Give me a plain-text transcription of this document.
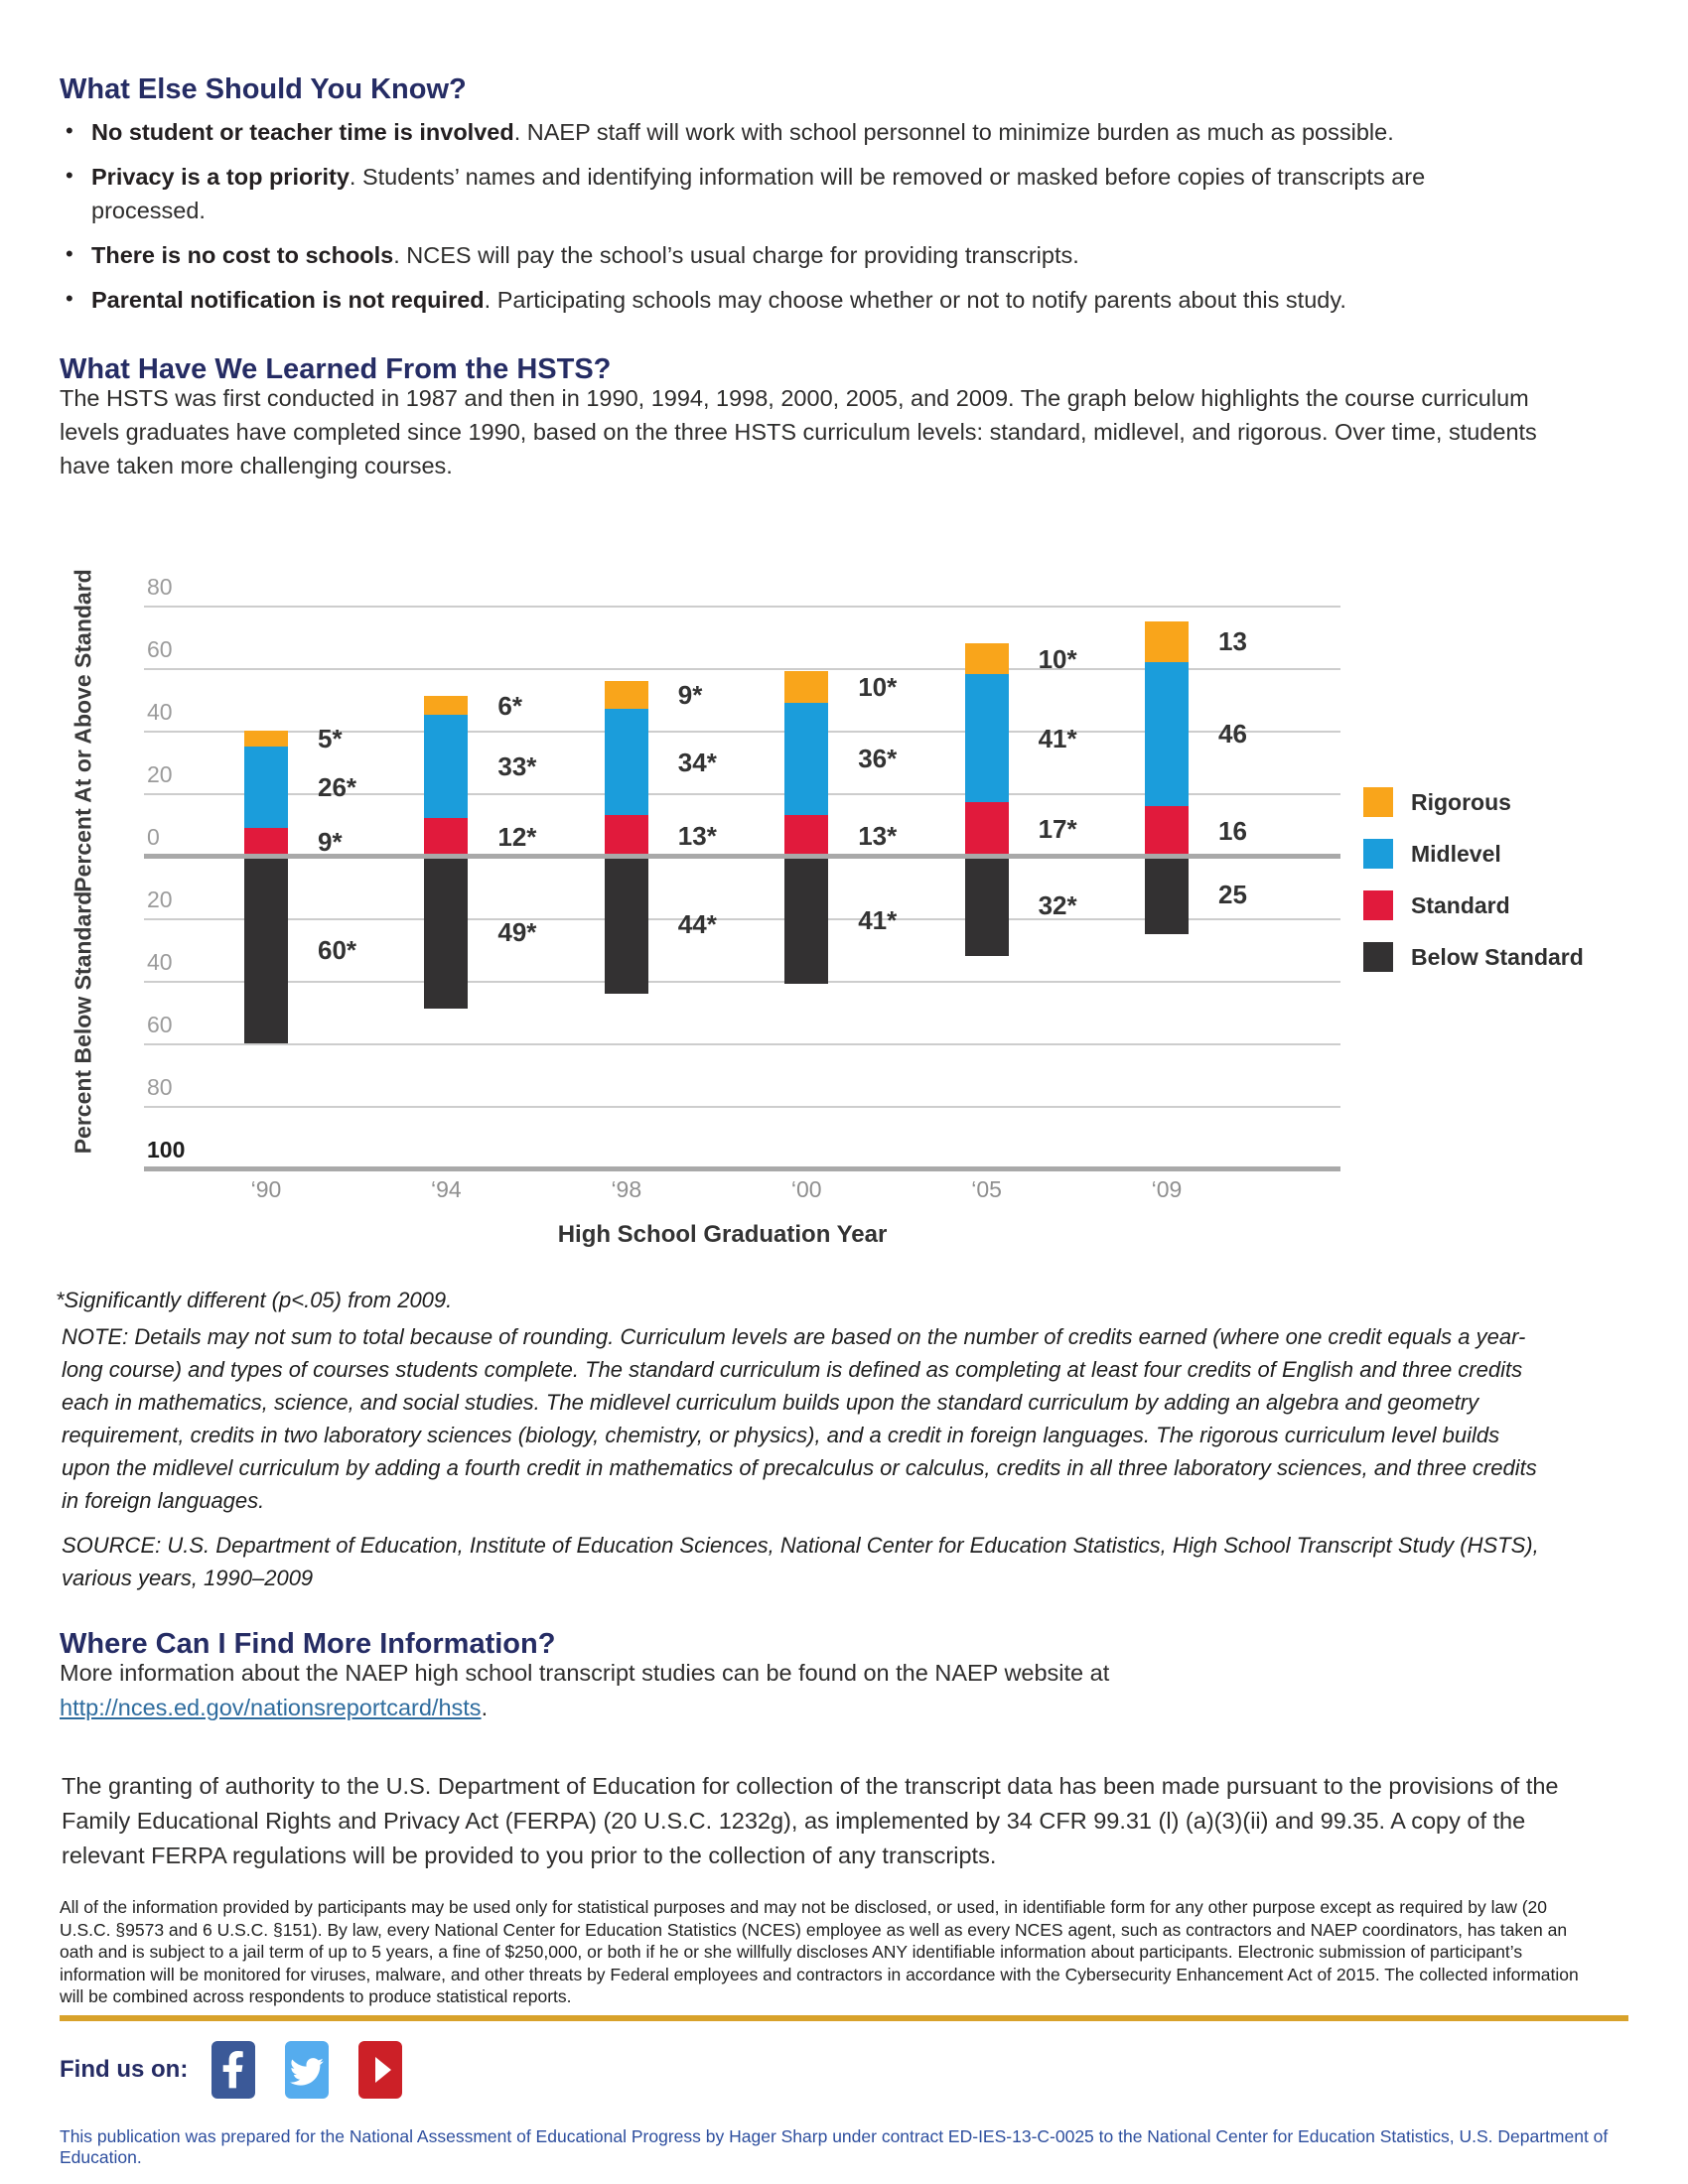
What Else Should You Know?
• No student or teacher time is involved. NAEP staff will work with school personnel to minimize burden as much as possible.
• Privacy is a top priority. Students’ names and identifying information will be removed or masked before copies of transcripts are processed.
• There is no cost to schools. NCES will pay the school’s usual charge for providing transcripts.
• Parental notification is not required. Participating schools may choose whether or not to notify parents about this study.
What Have We Learned From the HSTS?

The HSTS was first conducted in 1987 and then in 1990, 1994, 1998, 2000, 2005, and 2009. The graph below highlights the course curriculum levels graduates have completed since 1990, based on the three HSTS curriculum levels: standard, midlevel, and rigorous. Over time, students have taken more challenging courses.

Percent At or Above Standard
Percent Below Standard
80
60
40
20
20
40
60
80
9*
26*
5*
60*
12*
33*
6*
49*
13*
34*
9*
44*
13*
36*
10*
41*
17*
41*
10*
32*
16
46
13
25
0
100
Rigorous
Midlevel
Standard
Below Standard
High School Graduation Year
‘90	‘94	‘98	‘00	‘05	‘09

*Significantly different (p<.05) from 2009.

NOTE: Details may not sum to total because of rounding. Curriculum levels are based on the number of credits earned (where one credit equals a year-long course) and types of courses students complete. The standard curriculum is defined as completing at least four credits of English and three credits each in mathematics, science, and social studies. The midlevel curriculum builds upon the standard curriculum by adding an algebra and geometry requirement, credits in two laboratory sciences (biology, chemistry, or physics), and a credit in foreign languages. The rigorous curriculum level builds upon the midlevel curriculum by adding a fourth credit in mathematics of precalculus or calculus, credits in all three laboratory sciences, and three credits in foreign languages.

SOURCE: U.S. Department of Education, Institute of Education Sciences, National Center for Education Statistics, High School Transcript Study (HSTS), various years, 1990–2009

Where Can I Find More Information?

More information about the NAEP high school transcript studies can be found on the NAEP website at
http://nces.ed.gov/nationsreportcard/hsts.

The granting of authority to the U.S. Department of Education for collection of the transcript data has been made pursuant to the provisions of the Family Educational Rights and Privacy Act (FERPA) (20 U.S.C. 1232g), as implemented by 34 CFR 99.31 (l) (a)(3)(ii) and 99.35. A copy of the relevant FERPA regulations will be provided to you prior to the collection of any transcripts.

All of the information provided by participants may be used only for statistical purposes and may not be disclosed, or used, in identifiable form for any other purpose except as required by law (20 U.S.C. §9573 and 6 U.S.C. §151). By law, every National Center for Education Statistics (NCES) employee as well as every NCES agent, such as contractors and NAEP coordinators, has taken an oath and is subject to a jail term of up to 5 years, a fine of $250,000, or both if he or she willfully discloses ANY identifiable information about participants. Electronic submission of participant’s information will be monitored for viruses, malware, and other threats by Federal employees and contractors in accordance with the Cybersecurity Enhancement Act of 2015. The collected information will be combined across respondents to produce statistical reports.

Find us on:

This publication was prepared for the National Assessment of Educational Progress by Hager Sharp under contract ED-IES-13-C-0025 to the National Center for Education Statistics, U.S. Department of Education.
